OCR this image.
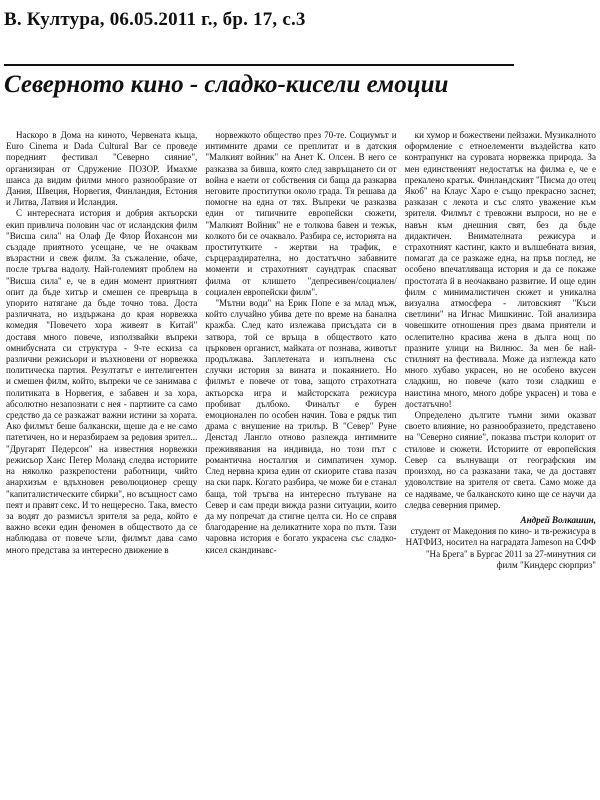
В. Култура, 06.05.2011 г., бр. 17, с.3
Северното кино - сладко-кисели емоции

Наскоро в Дома на киното, Червената къща, Euro Cinema и Dada Cultural Bar се проведе поредният фестивал "Северно сияние", организиран от Сдружение ПОЗОР. Имахме шанса да видим филми много разнообразие от Дания, Швеция, Норвегия, Финландия, Естония и Литва, Латвия и Исландия.

С интересната история и добрия актьорски екип привлича половин час от исландския филм "Висша сила" на Олаф Де Флор Йохансон ми създаде приятното усещане, че не очаквам възрастни и свеж филм. За съжаление, обаче, после тръгва надолу. Най-големият проблем на "Висша сила" е, че в един момент приятният опит да бъде хитър и смешен се превръща в упорито натягане да бъде точно това. Доста различната, но издържана до края норвежка комедия "Повечето хора живеят в Китай" доставя много повече, използвайки въпреки омнибусната си структура - 9-те ескиза са различни режисьори и възхновени от норвежка политическа партия. Резултатът е интелигентен и смешен филм, който, въпреки че се занимава с политиката в Норвегия, е забавен и за хора, абсолютно незапознати с нея - партиите са само средство да се разкажат важни истини за хората. Ако филмът беше балкански, щеше да е не само патетичен, но и неразбираем за редовия зрител... "Другарят Педерсон" на известния норвежки режисьор Ханс Петер Моланд следва историите на няколко разкрепостени работници, чийто анархизъм е вдъхновен революционер срещу "капиталистическите сбирки", но всъщност само пеят и правят секс. И то нещересно. Така, вместо за водят до размисъл зрителя за реда, който е важно всеки един феномен в обществото да се наблюдава от повече ъгли, филмът дава само много представа за интересно движение в

норвежкото общество през 70-те. Социумът и интимните драми се преплитат и в датския "Малкият войник" на Анет К. Олсен. В него се разказва за бивша, която след завръщането си от война е наети от собствения си баща да разкарва неговите проститутки около града. Тя решава да помогне на една от тях. Въпреки че разказва един от типичните европейски сюжети, "Малкият Войник" не е толкова бавен и тежък, колкото би се очаквало. Разбира се, историята на проститутките - жертви на трафик, е сърцераздирателна, но достатъчно забавните моменти и страхотният саундтрак спасяват филма от клишето "депресивен/социален/социален европейски филм".

"Мътни води" на Ерик Попе е за млад мъж, който случайно убива дете по време на банална кражба. След като излежава присъдата си в затвора, той се връща в обществото като църковен органист, майката от познава, животът продължава. Заплетената и изпълнена със случки история за вината и покаянието. Но филмът е повече от това, защото страхотната актьорска игра и майсторската режисура пробиват дълбоко. Финалът е бурен емоционален по особен начин. Това е рядък тип драма с внушение на трилър. В "Север" Руне Денстад Лангло отново разлежда интимните преживявания на индивида, но този път с романтична носталгия и симпатичен хумор. След нервна криза един от скиорите става пазач на ски парк. Когато разбира, че може би е станал баща, той тръгва на интересно пътуване на Север и сам преди вижда разни ситуации, които да му попречат да стигне целта си. Но се справя благодарение на деликатните хора по пътя. Тази чаровна история е богато украсена със сладко-кисел скандинавс-

ки хумор и божествени пейзажи. Музикалното оформление с етноелементи въздействa като контрапункт на суровата норвежка природа. За мен единственият недостатък на филма е, че е прекалено кратък. Финландският "Писма до отец Якоб" на Клаус Харо е също прекрасно заснет, разказан с лекота и със слято уважение към зрителя. Филмът с тревожни въпроси, но не е навън към днешния свят, без да бъде дидактичен. Внимателната режисура и страхотният кастинг, както и вълшебната визия, помагат да се разкаже една, на пръв поглед, не особено впечатляваща история и да се покаже простотата й в неочаквано развитие. И още един филм с минималистичен сюжет и уникална визуална атмосфера - литовският "Къси светлини" на Игнас Мишкинис. Той анализира човешките отношения през двама приятели и ослепително красива жена в дълга нощ по празните улици на Вилнюс. За мен бе най-стилният на фестивала. Може да изглежда като много хубаво украсен, но не особено вкусен сладкиш, но повече (като този сладкиш е наистина много, много добре украсен) и това е достатъчно!

Определено дългите тъмни зими оказват своето влияние, но разнообразието, представено на "Северно сияние", показва пъстри колорит от стилове и сюжети. Историите от европейския Север са вълнуващи от географския им произход, но са разказани така, че да доставят удоволствие на зрителя от света. Само може да се надяваме, че балканското кино ще се научи да следва северния пример.

Андрей Волкашин,
студент от Македония по кино- и тв-режисура в НАТФИЗ, носител на наградата Jameson на СФФ "На Брега" в Бургас 2011 за 27-минутния си филм "Киндерс сюрприз"
